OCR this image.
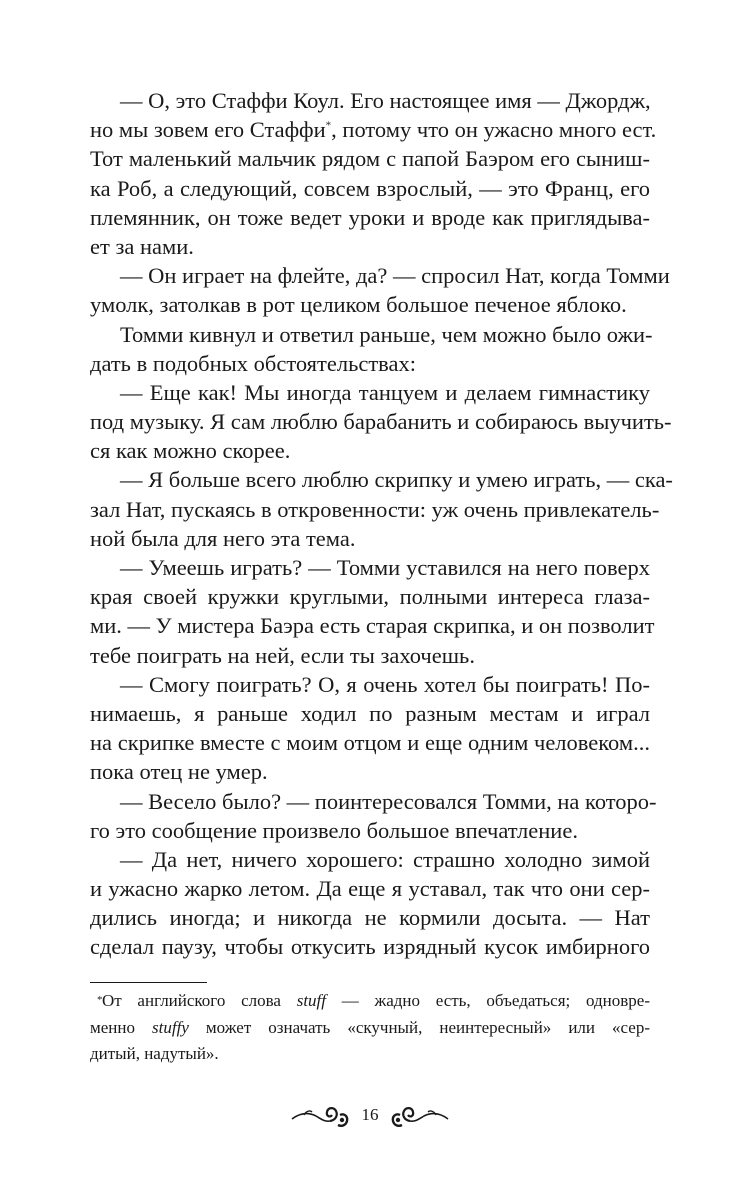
— О, это Стаффи Коул. Его настоящее имя — Джордж,
но мы зовем его Стаффи*, потому что он ужасно много ест.
Тот маленький мальчик рядом с папой Баэром его сыниш-
ка Роб, а следующий, совсем взрослый, — это Франц, его
племянник, он тоже ведет уроки и вроде как приглядыва-
ет за нами.
— Он играет на флейте, да? — спросил Нат, когда Томми
умолк, затолкав в рот целиком большое печеное яблоко.
Томми кивнул и ответил раньше, чем можно было ожи-
дать в подобных обстоятельствах:
— Еще как! Мы иногда танцуем и делаем гимнастику
под музыку. Я сам люблю барабанить и собираюсь выучить-
ся как можно скорее.
— Я больше всего люблю скрипку и умею играть, — ска-
зал Нат, пускаясь в откровенности: уж очень привлекатель-
ной была для него эта тема.
— Умеешь играть? — Томми уставился на него поверх
края своей кружки круглыми, полными интереса глаза-
ми. — У мистера Баэра есть старая скрипка, и он позволит
тебе поиграть на ней, если ты захочешь.
— Смогу поиграть? О, я очень хотел бы поиграть! По-
нимаешь, я раньше ходил по разным местам и играл
на скрипке вместе с моим отцом и еще одним человеком...
пока отец не умер.
— Весело было? — поинтересовался Томми, на которо-
го это сообщение произвело большое впечатление.
— Да нет, ничего хорошего: страшно холодно зимой
и ужасно жарко летом. Да еще я уставал, так что они сер-
дились иногда; и никогда не кормили досыта. — Нат
сделал паузу, чтобы откусить изрядный кусок имбирного
* От английского слова stuff — жадно есть, объедаться; одновре-
менно stuffy может означать «скучный, неинтересный» или «сер-
дитый, надутый».
16
